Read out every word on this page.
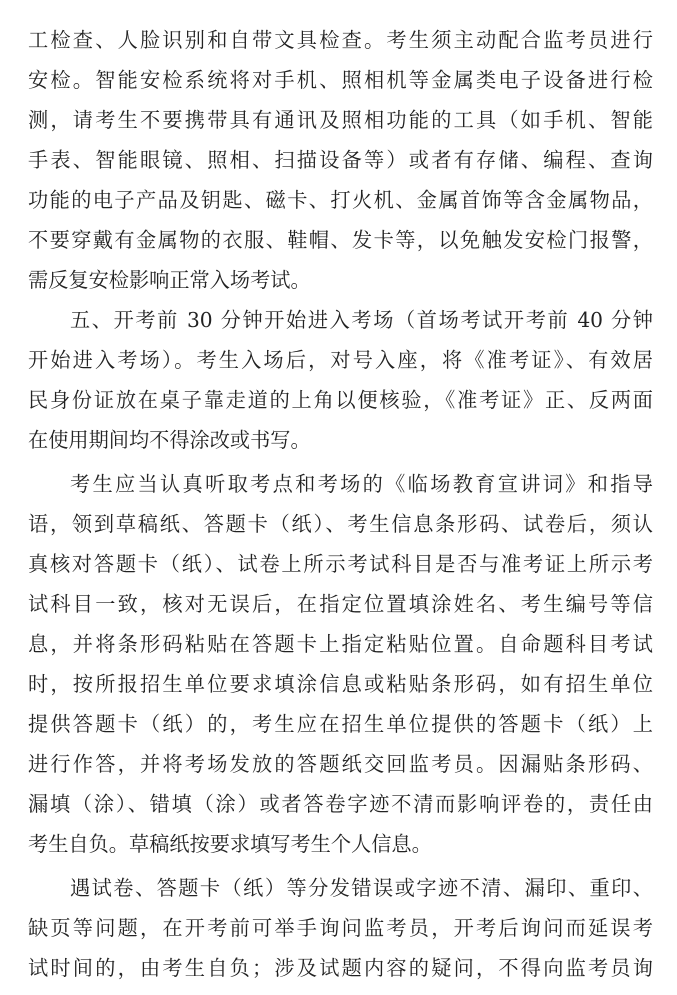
工检查、人脸识别和自带文具检查。考生须主动配合监考员进行
安检。智能安检系统将对手机、照相机等金属类电子设备进行检
测，请考生不要携带具有通讯及照相功能的工具（如手机、智能
手表、智能眼镜、照相、扫描设备等）或者有存储、编程、查询
功能的电子产品及钥匙、磁卡、打火机、金属首饰等含金属物品，
不要穿戴有金属物的衣服、鞋帽、发卡等，以免触发安检门报警，
需反复安检影响正常入场考试。
五、开考前 30 分钟开始进入考场（首场考试开考前 40 分钟
开始进入考场）。考生入场后，对号入座，将《准考证》、有效居
民身份证放在桌子靠走道的上角以便核验，《准考证》正、反两面
在使用期间均不得涂改或书写。
考生应当认真听取考点和考场的《临场教育宣讲词》和指导
语，领到草稿纸、答题卡（纸）、考生信息条形码、试卷后，须认
真核对答题卡（纸）、试卷上所示考试科目是否与准考证上所示考
试科目一致，核对无误后，在指定位置填涂姓名、考生编号等信
息，并将条形码粘贴在答题卡上指定粘贴位置。自命题科目考试
时，按所报招生单位要求填涂信息或粘贴条形码，如有招生单位
提供答题卡（纸）的，考生应在招生单位提供的答题卡（纸）上
进行作答，并将考场发放的答题纸交回监考员。因漏贴条形码、
漏填（涂）、错填（涂）或者答卷字迹不清而影响评卷的，责任由
考生自负。草稿纸按要求填写考生个人信息。
遇试卷、答题卡（纸）等分发错误或字迹不清、漏印、重印、
缺页等问题，在开考前可举手询问监考员，开考后询问而延误考
试时间的，由考生自负；涉及试题内容的疑问，不得向监考员询
